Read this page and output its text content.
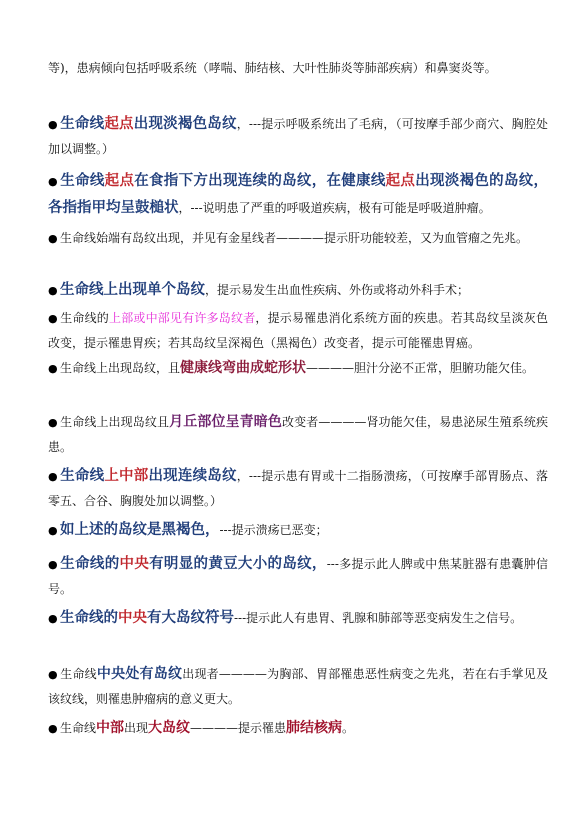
等)，患病倾向包括呼吸系统（哮喘、肺结核、大叶性肺炎等肺部疾病）和鼻窦炎等。

● 生命线起点出现淡褐色岛纹，---提示呼吸系统出了毛病，（可按摩手部少商穴、胸腔处加以调整。）

● 生命线起点在食指下方出现连续的岛纹，在健康线起点出现淡褐色的岛纹，各指指甲均呈鼓槌状，---说明患了严重的呼吸道疾病，极有可能是呼吸道肿瘤。

● 生命线始端有岛纹出现，并见有金星线者————提示肝功能较差，又为血管瘤之先兆。

● 生命线上出现单个岛纹，提示易发生出血性疾病、外伤或将动外科手术；

● 生命线的上部或中部见有许多岛纹者，提示易罹患消化系统方面的疾患。若其岛纹呈淡灰色改变，提示罹患胃疾；若其岛纹呈深褐色（黑褐色）改变者，提示可能罹患胃癌。

● 生命线上出现岛纹，且健康线弯曲成蛇形状————胆汁分泌不正常，胆腑功能欠佳。

● 生命线上出现岛纹且月丘部位呈青暗色改变者————肾功能欠佳，易患泌尿生殖系统疾患。

● 生命线上中部出现连续岛纹，---提示患有胃或十二指肠溃疡，（可按摩手部胃肠点、落零五、合谷、胸腹处加以调整。）

● 如上述的岛纹是黑褐色，---提示溃疡已恶变；

● 生命线的中央有明显的黄豆大小的岛纹，---多提示此人脾或中焦某脏器有患囊肿信号。

● 生命线的中央有大岛纹符号---提示此人有患胃、乳腺和肺部等恶变病发生之信号。

● 生命线中央处有岛纹出现者————为胸部、胃部罹患恶性病变之先兆，若在右手掌见及该纹线，则罹患肿瘤病的意义更大。

● 生命线中部出现大岛纹————提示罹患肺结核病。
